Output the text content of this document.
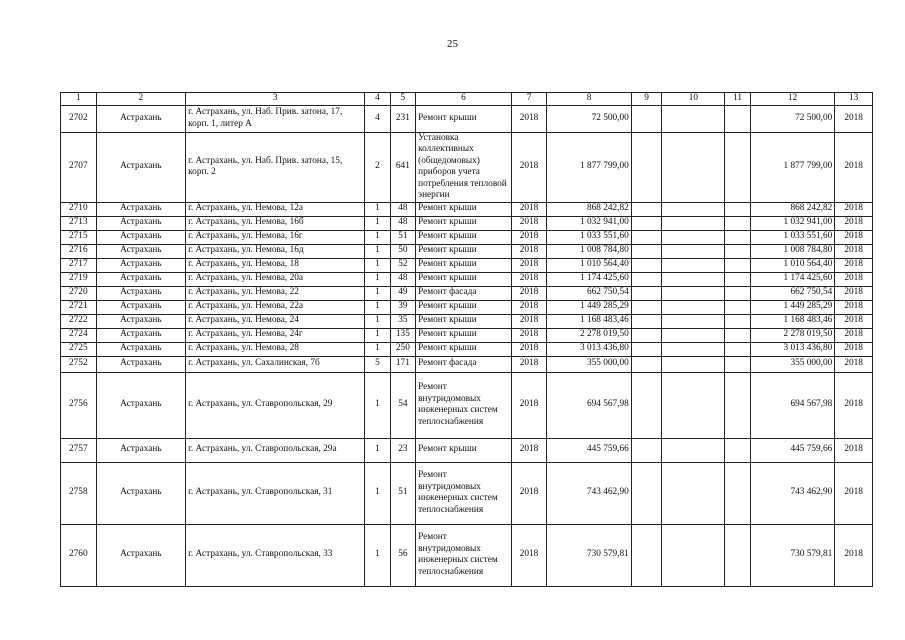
25
1	2	3	4	5	6	7	8	9	10	11	12	13
2702	Астрахань	г. Астрахань, ул. Наб. Прив. затона, 17, корп. 1, литер А	4	231	Ремонт крыши	2018	72 500,00				72 500,00	2018
2707	Астрахань	г. Астрахань, ул. Наб. Прив. затона, 15, корп. 2	2	641	Установка коллективных (общедомовых) приборов учета потребления тепловой энергии	2018	1 877 799,00				1 877 799,00	2018
2710	Астрахань	г. Астрахань, ул. Немова, 12а	1	48	Ремонт крыши	2018	868 242,82				868 242,82	2018
2713	Астрахань	г. Астрахань, ул. Немова, 16б	1	48	Ремонт крыши	2018	1 032 941,00				1 032 941,00	2018
2715	Астрахань	г. Астрахань, ул. Немова, 16г	1	51	Ремонт крыши	2018	1 033 551,60				1 033 551,60	2018
2716	Астрахань	г. Астрахань, ул. Немова, 16д	1	50	Ремонт крыши	2018	1 008 784,80				1 008 784,80	2018
2717	Астрахань	г. Астрахань, ул. Немова, 18	1	52	Ремонт крыши	2018	1 010 564,40				1 010 564,40	2018
2719	Астрахань	г. Астрахань, ул. Немова, 20а	1	48	Ремонт крыши	2018	1 174 425,60				1 174 425,60	2018
2720	Астрахань	г. Астрахань, ул. Немова, 22	1	49	Ремонт фасада	2018	662 750,54				662 750,54	2018
2721	Астрахань	г. Астрахань, ул. Немова, 22а	1	39	Ремонт крыши	2018	1 449 285,29				1 449 285,29	2018
2722	Астрахань	г. Астрахань, ул. Немова, 24	1	35	Ремонт крыши	2018	1 168 483,46				1 168 483,46	2018
2724	Астрахань	г. Астрахань, ул. Немова, 24г	1	135	Ремонт крыши	2018	2 278 019,50				2 278 019,50	2018
2725	Астрахань	г. Астрахань, ул. Немова, 28	1	250	Ремонт крыши	2018	3 013 436,80				3 013 436,80	2018
2752	Астрахань	г. Астрахань, ул. Сахалинская, 7б	5	171	Ремонт фасада	2018	355 000,00				355 000,00	2018
2756	Астрахань	г. Астрахань, ул. Ставропольская, 29	1	54	Ремонт внутридомовых инженерных систем теплоснабжения	2018	694 567,98				694 567,98	2018
2757	Астрахань	г. Астрахань, ул. Ставропольская, 29а	1	23	Ремонт крыши	2018	445 759,66				445 759,66	2018
2758	Астрахань	г. Астрахань, ул. Ставропольская, 31	1	51	Ремонт внутридомовых инженерных систем теплоснабжения	2018	743 462,90				743 462,90	2018
2760	Астрахань	г. Астрахань, ул. Ставропольская, 33	1	56	Ремонт внутридомовых инженерных систем теплоснабжения	2018	730 579,81				730 579,81	2018
